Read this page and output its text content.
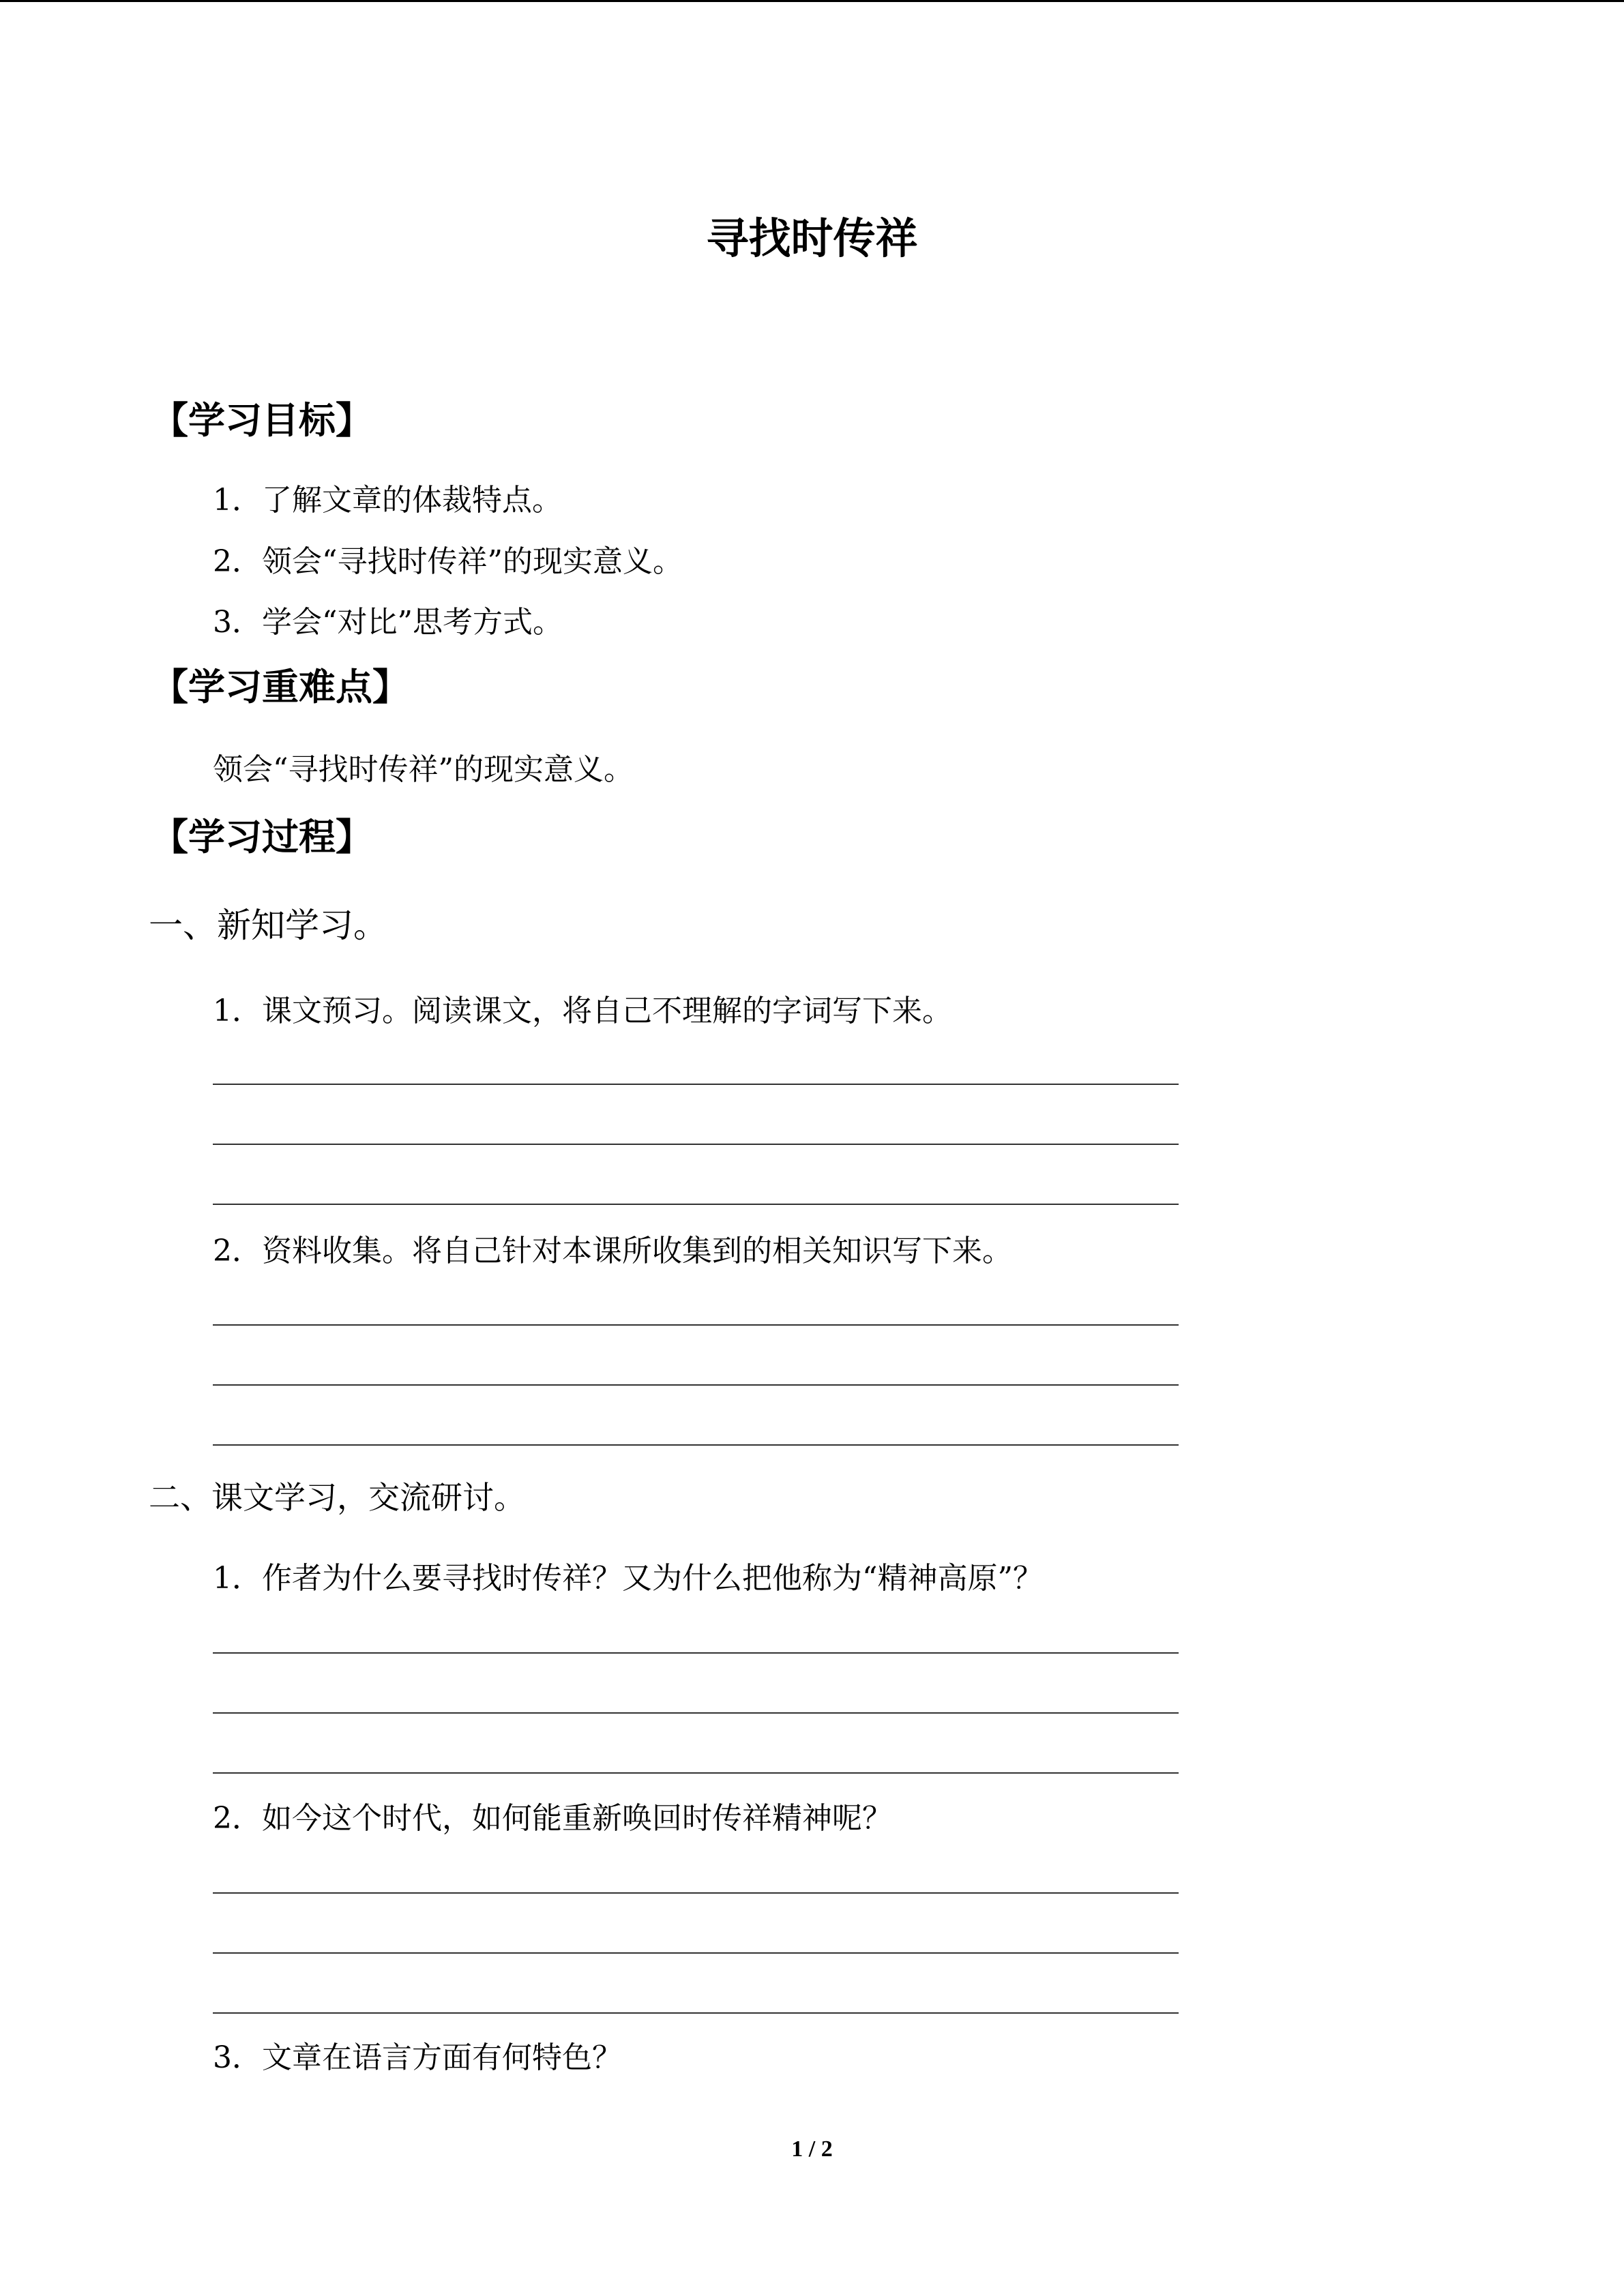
寻找时传祥
【学习目标】
1．了解文章的体裁特点。
2．领会“寻找时传祥”的现实意义。
3．学会“对比”思考方式。
【学习重难点】
领会“寻找时传祥”的现实意义。
【学习过程】
一、新知学习。
1．课文预习。阅读课文，将自己不理解的字词写下来。
2．资料收集。将自己针对本课所收集到的相关知识写下来。
二、课文学习，交流研讨。
1．作者为什么要寻找时传祥？又为什么把他称为“精神高原”？
2．如今这个时代，如何能重新唤回时传祥精神呢？
3．文章在语言方面有何特色？
1 / 2
